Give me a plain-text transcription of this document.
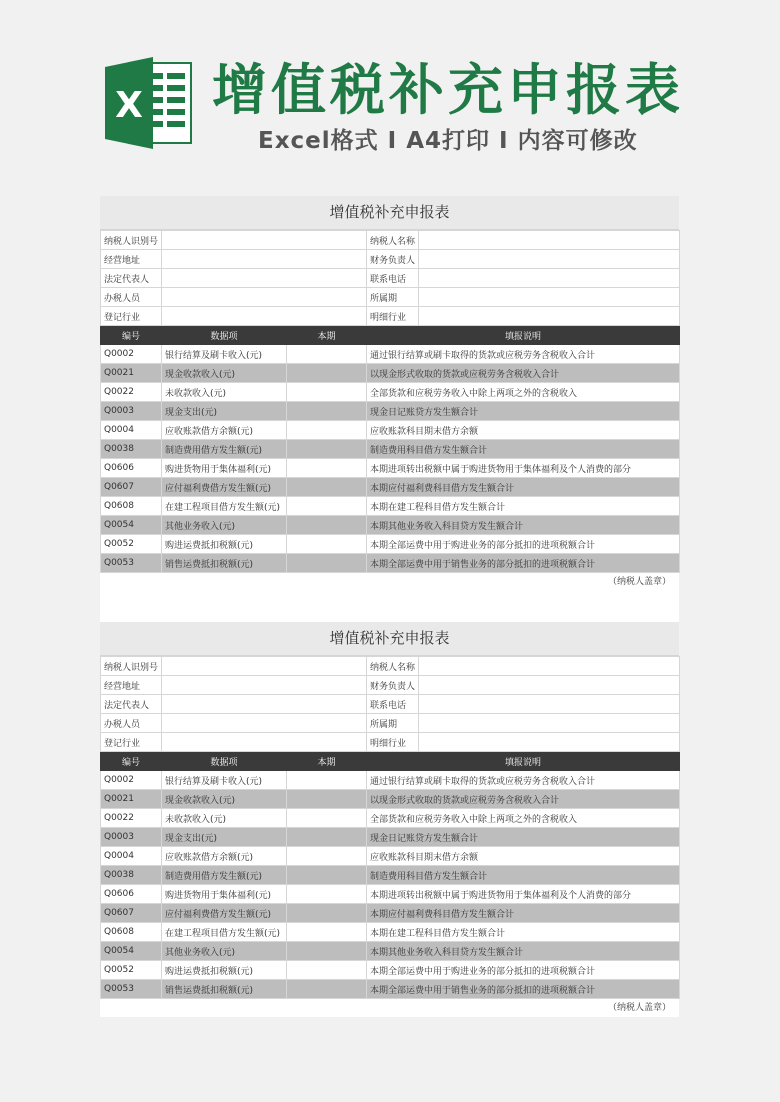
X 增值税补充申报表
Excel格式 I A4打印 I 内容可修改
增值税补充申报表
纳税人识别号			纳税人名称	
经营地址			财务负责人	
法定代表人			联系电话	
办税人员			所属期	
登记行业			明细行业	
编号	数据项	本期	填报说明	
Q0002	银行结算及刷卡收入(元)		通过银行结算或刷卡取得的货款或应税劳务含税收入合计	
Q0021	现金收款收入(元)		以现金形式收取的货款或应税劳务含税收入合计	
Q0022	未收款收入(元)		全部货款和应税劳务收入中除上两项之外的含税收入	
Q0003	现金支出(元)		现金日记账贷方发生额合计	
Q0004	应收账款借方余额(元)		应收账款科目期末借方余额	
Q0038	制造费用借方发生额(元)		制造费用科目借方发生额合计	
Q0606	购进货物用于集体福利(元)		本期进项转出税额中属于购进货物用于集体福利及个人消费的部分	
Q0607	应付福利费借方发生额(元)		本期应付福利费科目借方发生额合计	
Q0608	在建工程项目借方发生额(元)		本期在建工程科目借方发生额合计	
Q0054	其他业务收入(元)		本期其他业务收入科目贷方发生额合计	
Q0052	购进运费抵扣税额(元)		本期全部运费中用于购进业务的部分抵扣的进项税额合计	
Q0053	销售运费抵扣税额(元)		本期全部运费中用于销售业务的部分抵扣的进项税额合计	
（纳税人盖章）
增值税补充申报表
纳税人识别号			纳税人名称	
经营地址			财务负责人	
法定代表人			联系电话	
办税人员			所属期	
登记行业			明细行业	
编号	数据项	本期	填报说明	
Q0002	银行结算及刷卡收入(元)		通过银行结算或刷卡取得的货款或应税劳务含税收入合计	
Q0021	现金收款收入(元)		以现金形式收取的货款或应税劳务含税收入合计	
Q0022	未收款收入(元)		全部货款和应税劳务收入中除上两项之外的含税收入	
Q0003	现金支出(元)		现金日记账贷方发生额合计	
Q0004	应收账款借方余额(元)		应收账款科目期末借方余额	
Q0038	制造费用借方发生额(元)		制造费用科目借方发生额合计	
Q0606	购进货物用于集体福利(元)		本期进项转出税额中属于购进货物用于集体福利及个人消费的部分	
Q0607	应付福利费借方发生额(元)		本期应付福利费科目借方发生额合计	
Q0608	在建工程项目借方发生额(元)		本期在建工程科目借方发生额合计	
Q0054	其他业务收入(元)		本期其他业务收入科目贷方发生额合计	
Q0052	购进运费抵扣税额(元)		本期全部运费中用于购进业务的部分抵扣的进项税额合计	
Q0053	销售运费抵扣税额(元)		本期全部运费中用于销售业务的部分抵扣的进项税额合计	
（纳税人盖章）
